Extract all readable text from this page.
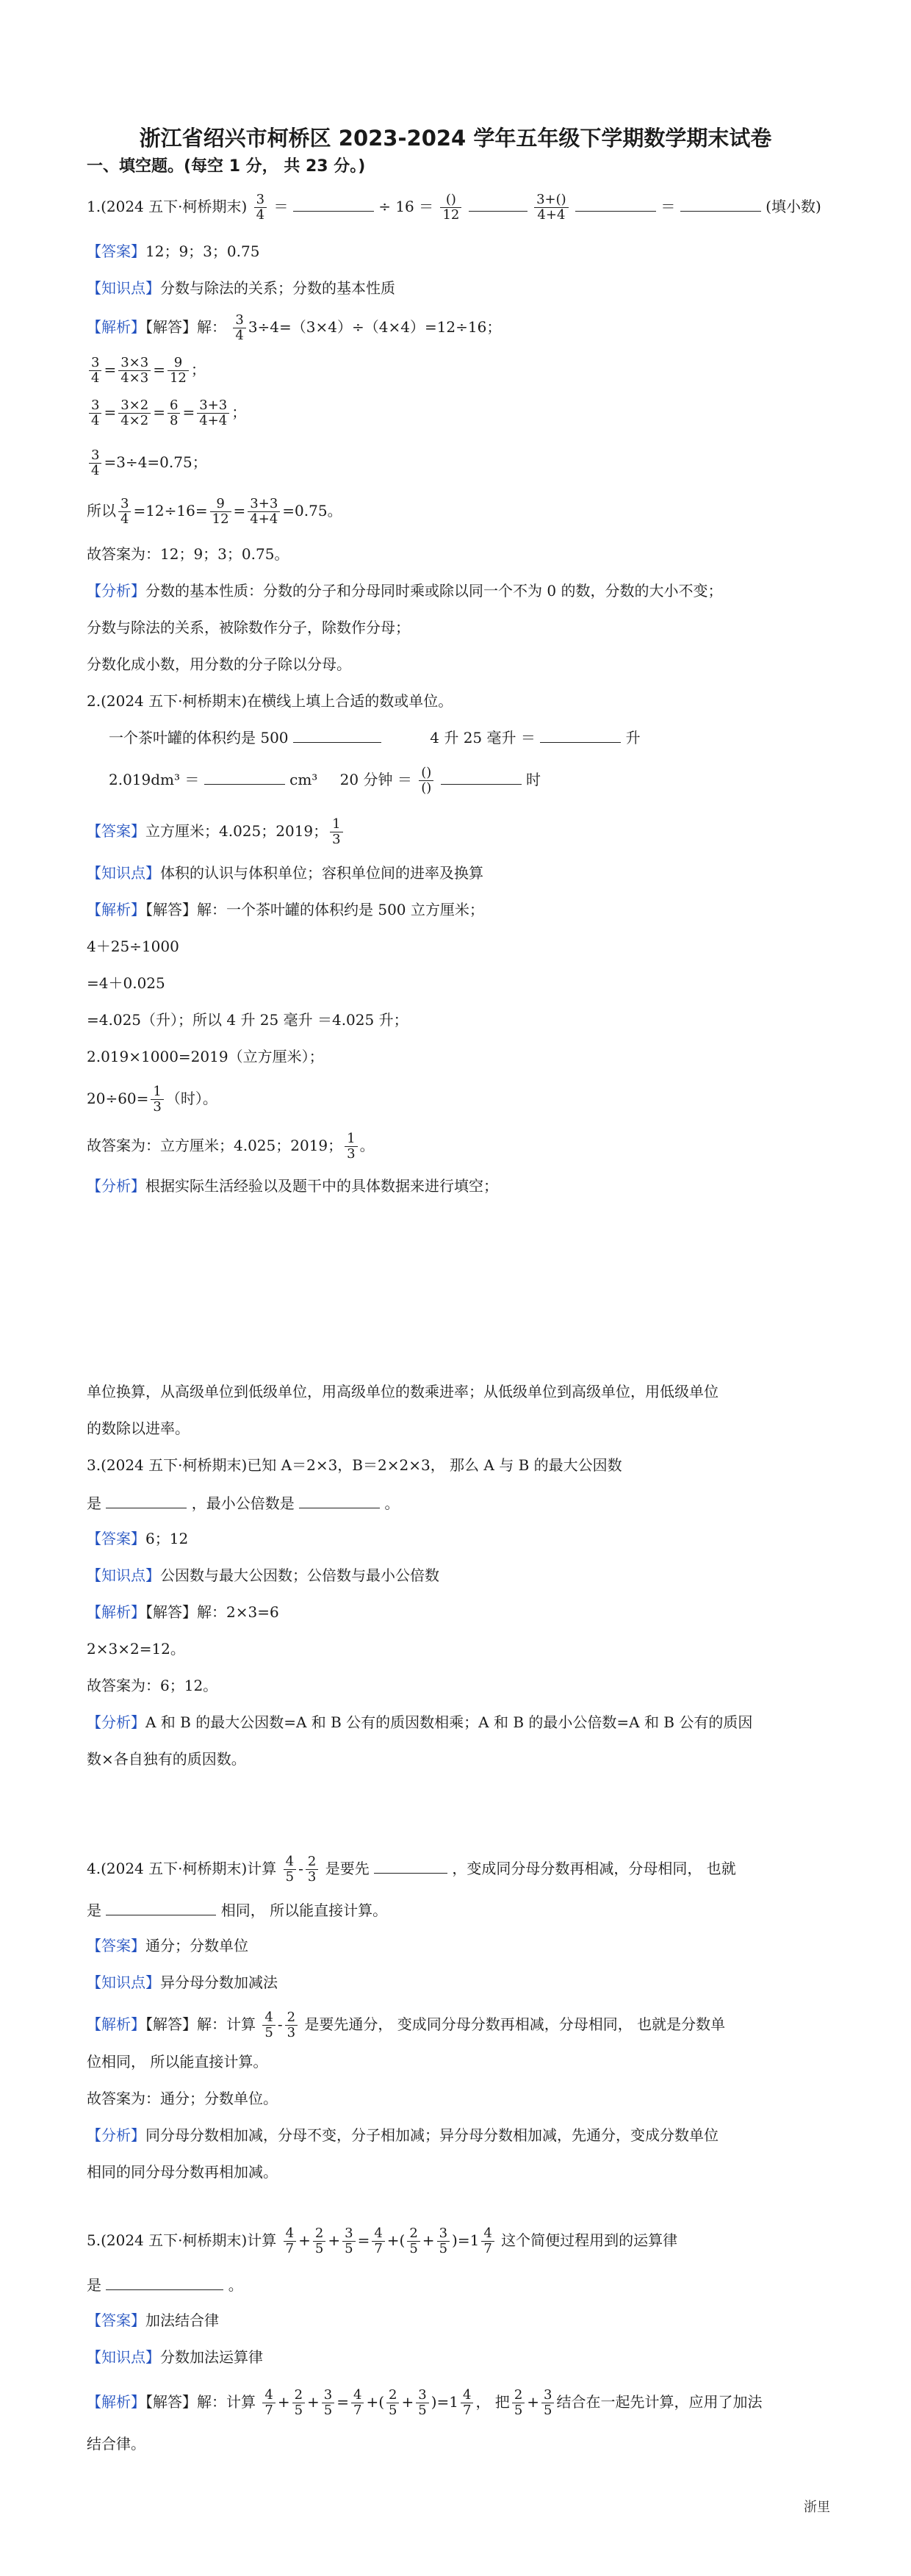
浙江省绍兴市柯桥区 2023-2024 学年五年级下学期数学期末试卷
一、填空题。(每空 1 分， 共 23 分。)
1.(2024 五下·柯桥期末) $\frac{3}{4}$ ＝	÷ $16 = \frac{()}{12}$
	$\frac{3+()}{4+4}$	＝	(填小数)
【答案】12；9；3；0.75
【知识点】分数与除法的关系；分数的基本性质
【解析】【解答】解： $\frac{3}{4} 3\div 4=(3\times 4)\div(4\times 4)=12\div 16$；
$\frac{3}{4} = \frac{3\times 3}{4\times 3} = \frac{9}{12}$ ；
$\frac{3}{4} = \frac{3\times 2}{4\times 2} = \frac{6}{8} = \frac{3+3}{4+4}$ ；
$\frac{3}{4} =3\div 4=0.75$；
所以 $\frac{3}{4} =12\div 16= \frac{9}{12} = \frac{3+3}{4+4} =0.75$。
故答案为：12；9；3；0.75。
【分析】分数的基本性质：分数的分子和分母同时乘或除以同一个不为 0 的数，分数的大小不变；
分数与除法的关系，被除数作分子，除数作分母；
分数化成小数，用分数的分子除以分母。
2.(2024 五下·柯桥期末)在横线上填上合适的数或单位。
一个茶叶罐的体积约是 500	4 升 25 毫升 ＝	升
2.019dm³ ＝	cm³ 20 分钟 ＝ $\frac{()}{()}$	时
【答案】立方厘米；4.025；2019； $\frac{1}{3}$
【知识点】体积的认识与体积单位；容积单位间的进率及换算
【解析】【解答】解：一个茶叶罐的体积约是 500 立方厘米；
4＋25÷1000
=4＋0.025
=4.025（升）；所以 4 升 25 毫升 ＝4.025 升；
2.019×1000=2019（立方厘米）；
$20\div 60= \frac{1}{3}$ （时）。
故答案为：立方厘米；4.025；2019； $\frac{1}{3}$ 。
【分析】根据实际生活经验以及题干中的具体数据来进行填空；
单位换算，从高级单位到低级单位，用高级单位的数乘进率；从低级单位到高级单位，用低级单位
的数除以进率。
3.(2024 五下·柯桥期末)已知 A＝2×3，B＝2×2×3， 那么 A 与 B 的最大公因数
是	，最小公倍数是	。
【答案】6；12
【知识点】公因数与最大公因数；公倍数与最小公倍数
【解析】【解答】解：2×3=6
2×3×2=12。
故答案为：6；12。
【分析】A 和 B 的最大公因数=A 和 B 公有的质因数相乘；A 和 B 的最小公倍数=A 和 B 公有的质因
数×各自独有的质因数。
4.(2024 五下·柯桥期末)计算 $\frac{4}{5} - \frac{2}{3}$ 是要先	，变成同分母分数再相减，分母相同， 也就
是	相同， 所以能直接计算。
【答案】通分；分数单位
【知识点】异分母分数加减法
【解析】【解答】解：计算 $\frac{4}{5} - \frac{2}{3}$ 是要先通分， 变成同分母分数再相减，分母相同， 也就是分数单
位相同， 所以能直接计算。
故答案为：通分；分数单位。
【分析】同分母分数相加减，分母不变，分子相加减；异分母分数相加减，先通分，变成分数单位
相同的同分母分数再相加减。
5.(2024 五下·柯桥期末)计算 $\frac{4}{7} + \frac{2}{5} + \frac{3}{5} = \frac{4}{7}$ +( $\frac{2}{5} + \frac{3}{5} )=1 \frac{4}{7}$ 这个简便过程用到的运算律
是	。
【答案】加法结合律
【知识点】分数加法运算律
【解析】【解答】解：计算 $\frac{4}{7} + \frac{2}{5} + \frac{3}{5} = \frac{4}{7}$ +( $\frac{2}{5} + \frac{3}{5} )=1 \frac{4}{7}$ ， 把 $\frac{2}{5} + \frac{3}{5}$ 结合在一起先计算，应用了加法
结合律。
浙里
